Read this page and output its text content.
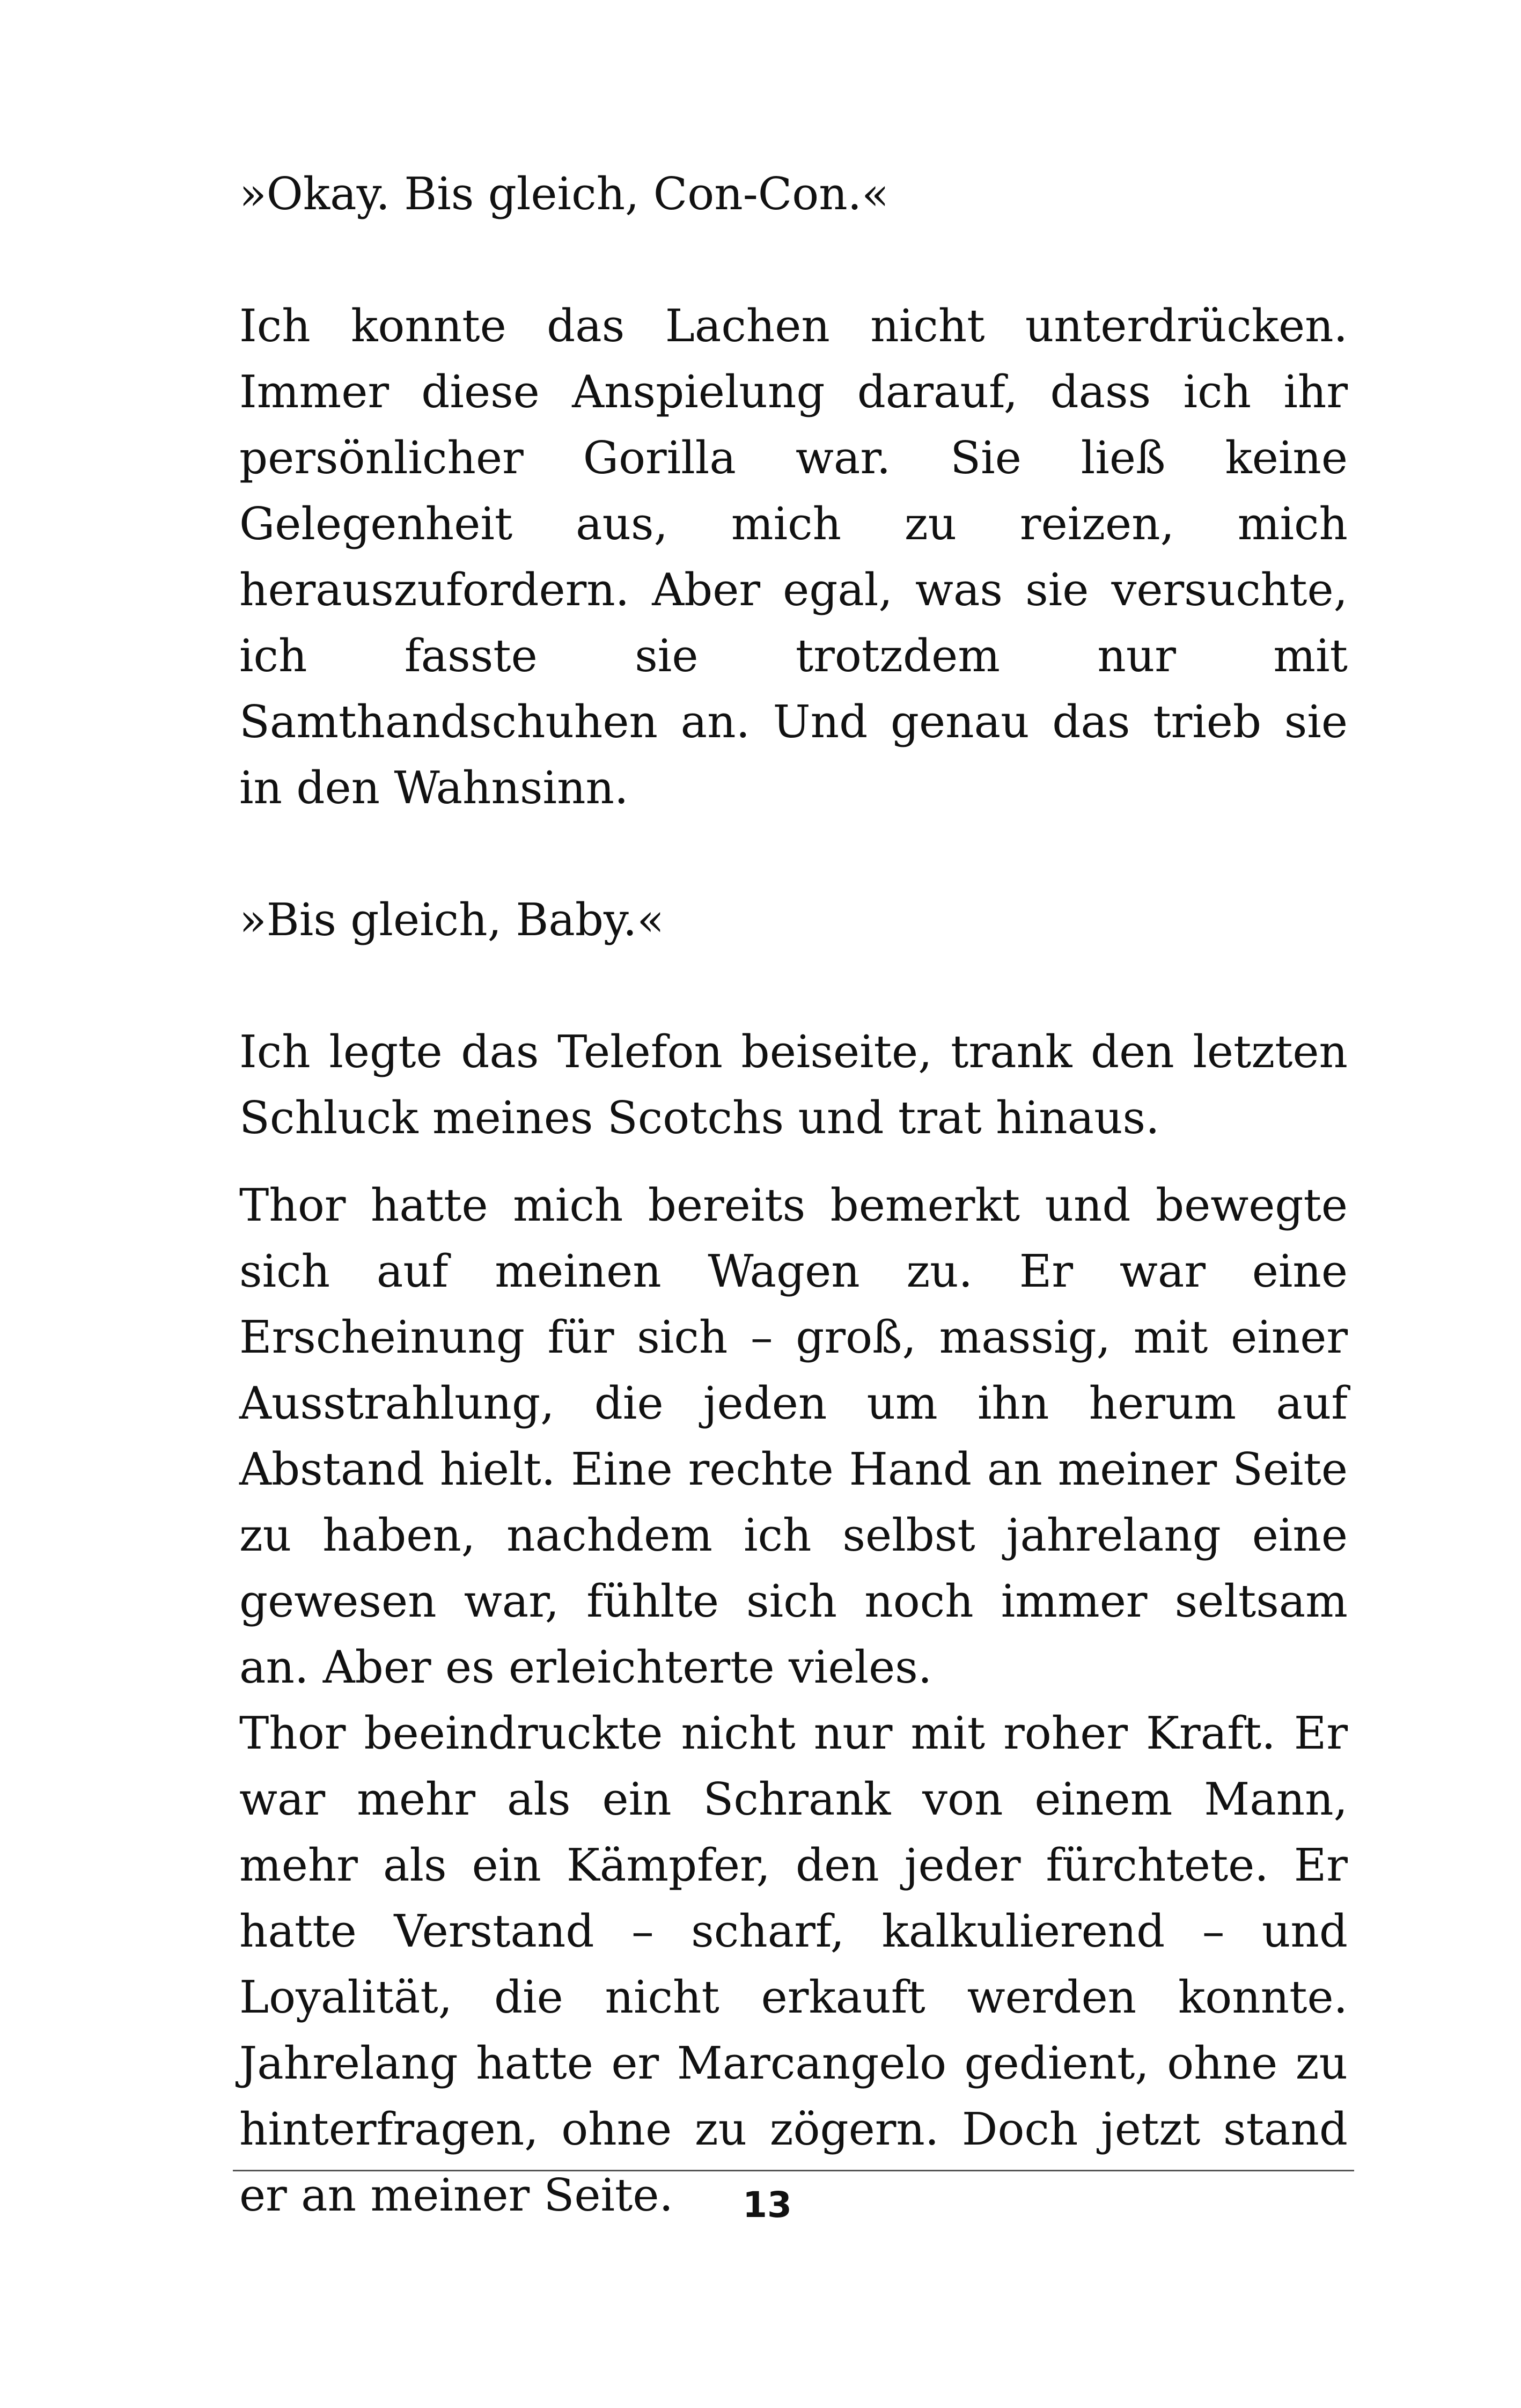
»Okay. Bis gleich, Con-Con.«

Ich konnte das Lachen nicht unterdrücken. Immer diese Anspielung darauf, dass ich ihr persönlicher Gorilla war. Sie ließ keine Gelegenheit aus, mich zu reizen, mich herauszufordern. Aber egal, was sie versuchte, ich fasste sie trotzdem nur mit Samthandschuhen an. Und genau das trieb sie in den Wahnsinn.

»Bis gleich, Baby.«

Ich legte das Telefon beiseite, trank den letzten Schluck meines Scotchs und trat hinaus.

Thor hatte mich bereits bemerkt und bewegte sich auf meinen Wagen zu. Er war eine Erscheinung für sich – groß, massig, mit einer Ausstrahlung, die jeden um ihn herum auf Abstand hielt. Eine rechte Hand an meiner Seite zu haben, nachdem ich selbst jahrelang eine gewesen war, fühlte sich noch immer seltsam an. Aber es erleichterte vieles.

Thor beeindruckte nicht nur mit roher Kraft. Er war mehr als ein Schrank von einem Mann, mehr als ein Kämpfer, den jeder fürchtete. Er hatte Verstand – scharf, kalkulierend – und Loyalität, die nicht erkauft werden konnte. Jahrelang hatte er Marcangelo gedient, ohne zu hinterfragen, ohne zu zögern. Doch jetzt stand er an meiner Seite.	13
